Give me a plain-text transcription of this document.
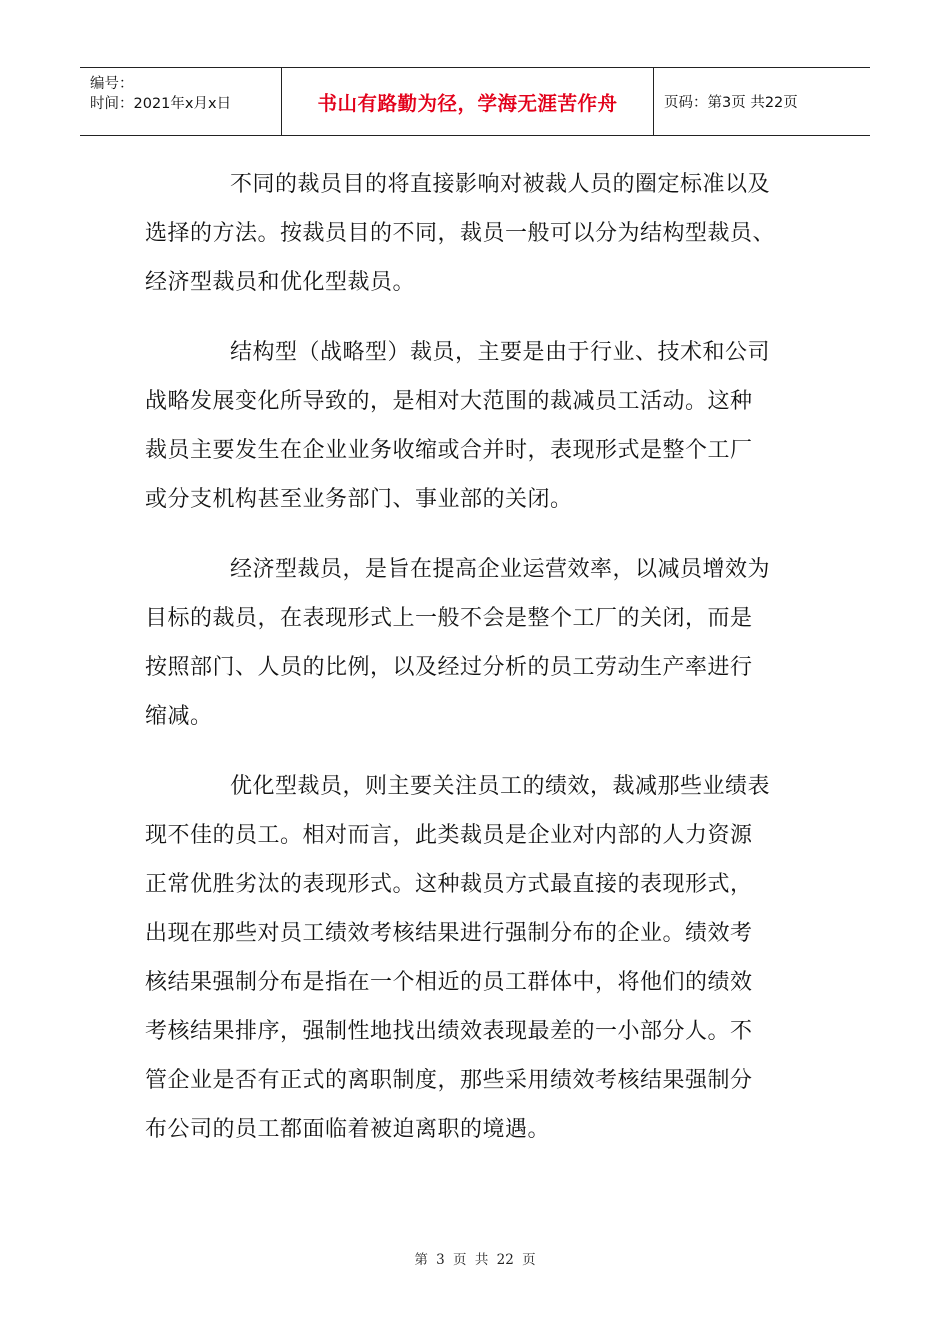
编号：
时间：2021年x月x日	书山有路勤为径，学海无涯苦作舟	页码：第3页 共22页
不同的裁员目的将直接影响对被裁人员的圈定标准以及
选择的方法。按裁员目的不同，裁员一般可以分为结构型裁员、
经济型裁员和优化型裁员。
结构型（战略型）裁员，主要是由于行业、技术和公司
战略发展变化所导致的，是相对大范围的裁减员工活动。这种
裁员主要发生在企业业务收缩或合并时，表现形式是整个工厂
或分支机构甚至业务部门、事业部的关闭。
经济型裁员，是旨在提高企业运营效率，以减员增效为
目标的裁员，在表现形式上一般不会是整个工厂的关闭，而是
按照部门、人员的比例，以及经过分析的员工劳动生产率进行
缩减。
优化型裁员，则主要关注员工的绩效，裁减那些业绩表
现不佳的员工。相对而言，此类裁员是企业对内部的人力资源
正常优胜劣汰的表现形式。这种裁员方式最直接的表现形式，
出现在那些对员工绩效考核结果进行强制分布的企业。绩效考
核结果强制分布是指在一个相近的员工群体中，将他们的绩效
考核结果排序，强制性地找出绩效表现最差的一小部分人。不
管企业是否有正式的离职制度，那些采用绩效考核结果强制分
布公司的员工都面临着被迫离职的境遇。
第 3 页 共 22 页
